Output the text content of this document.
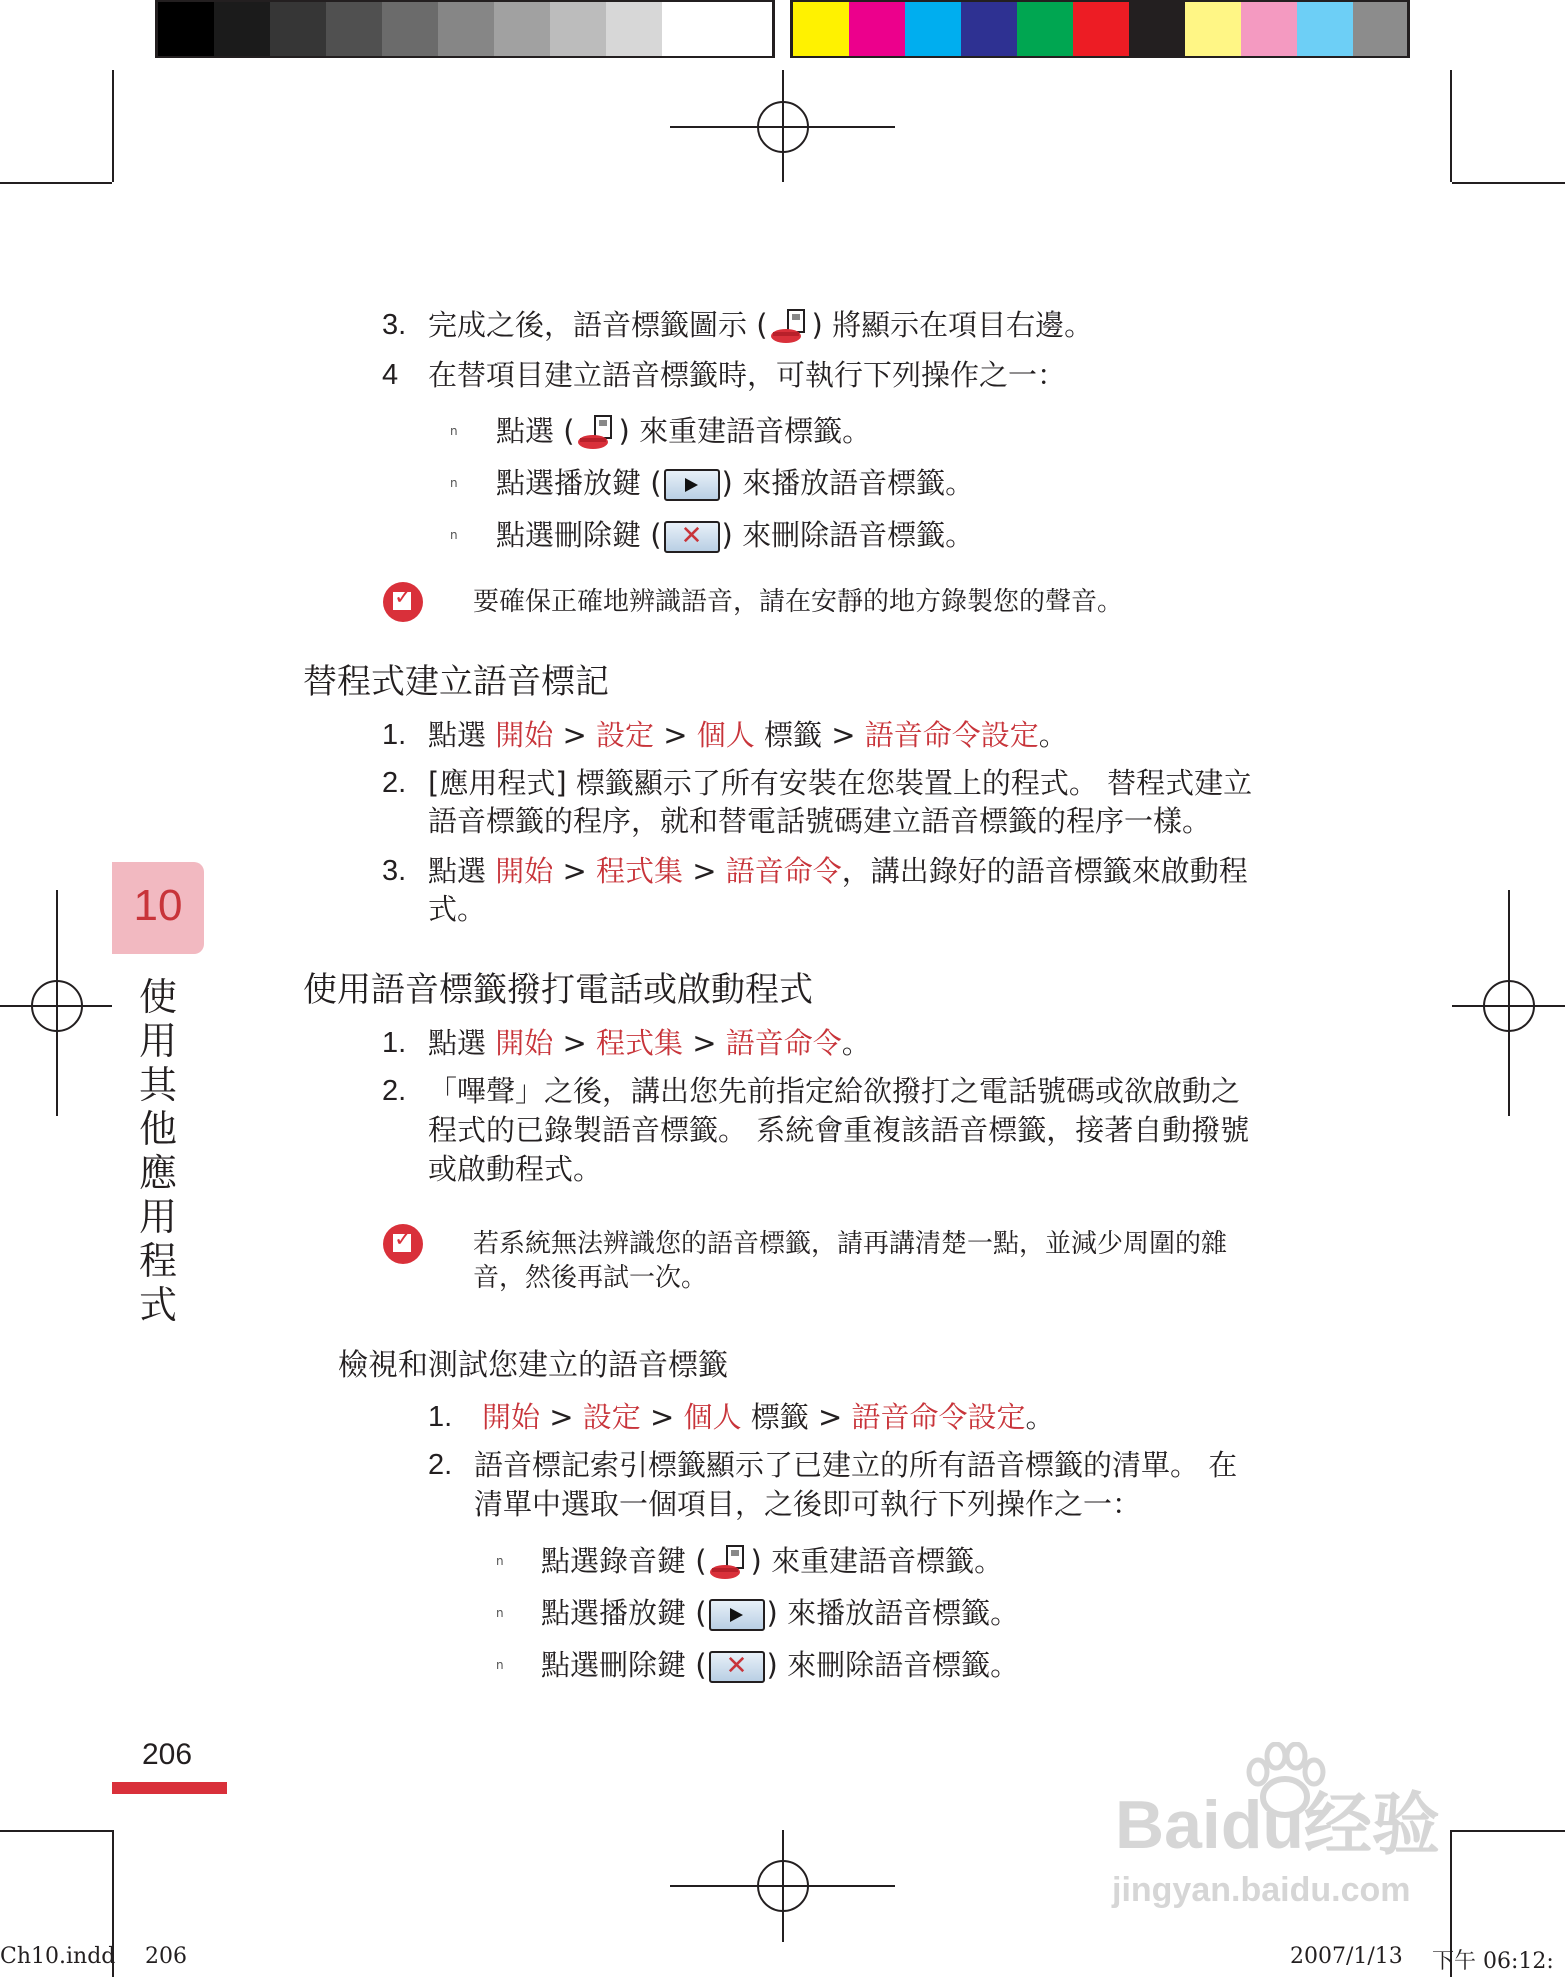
10
使用其他應用程式
3. 完成之後，語音標籤圖示 ( ) 將顯示在項目右邊。
4 在替項目建立語音標籤時，可執行下列操作之一：
n 點選 ( ) 來重建語音標籤。
n 點選播放鍵 ( ) 來播放語音標籤。
n 點選刪除鍵 ( ✕ ) 來刪除語音標籤。
✓ 要確保正確地辨識語音，請在安靜的地方錄製您的聲音。
替程式建立語音標記
1. 點選 開始 > 設定 > 個人 標籤 > 語音命令設定。
2. [應用程式] 標籤顯示了所有安裝在您裝置上的程式。 替程式建立
語音標籤的程序，就和替電話號碼建立語音標籤的程序一樣。
3. 點選 開始 > 程式集 > 語音命令，講出錄好的語音標籤來啟動程
式。
使用語音標籤撥打電話或啟動程式
1. 點選 開始 > 程式集 > 語音命令。
2. 「嗶聲」之後，講出您先前指定給欲撥打之電話號碼或欲啟動之
程式的已錄製語音標籤。 系統會重複該語音標籤，接著自動撥號
或啟動程式。
✓ 若系統無法辨識您的語音標籤，請再講清楚一點，並減少周圍的雜
音，然後再試一次。
檢視和測試您建立的語音標籤
1. 開始 > 設定 > 個人 標籤 > 語音命令設定。
2. 語音標記索引標籤顯示了已建立的所有語音標籤的清單。 在
清單中選取一個項目，之後即可執行下列操作之一：
n 點選錄音鍵 ( ) 來重建語音標籤。
n 點選播放鍵 ( ) 來播放語音標籤。
n 點選刪除鍵 ( ✕ ) 來刪除語音標籤。
206
Baidu经验
jingyan.baidu.com
Ch10.indd 206	2007/1/13 下午 06:12:
